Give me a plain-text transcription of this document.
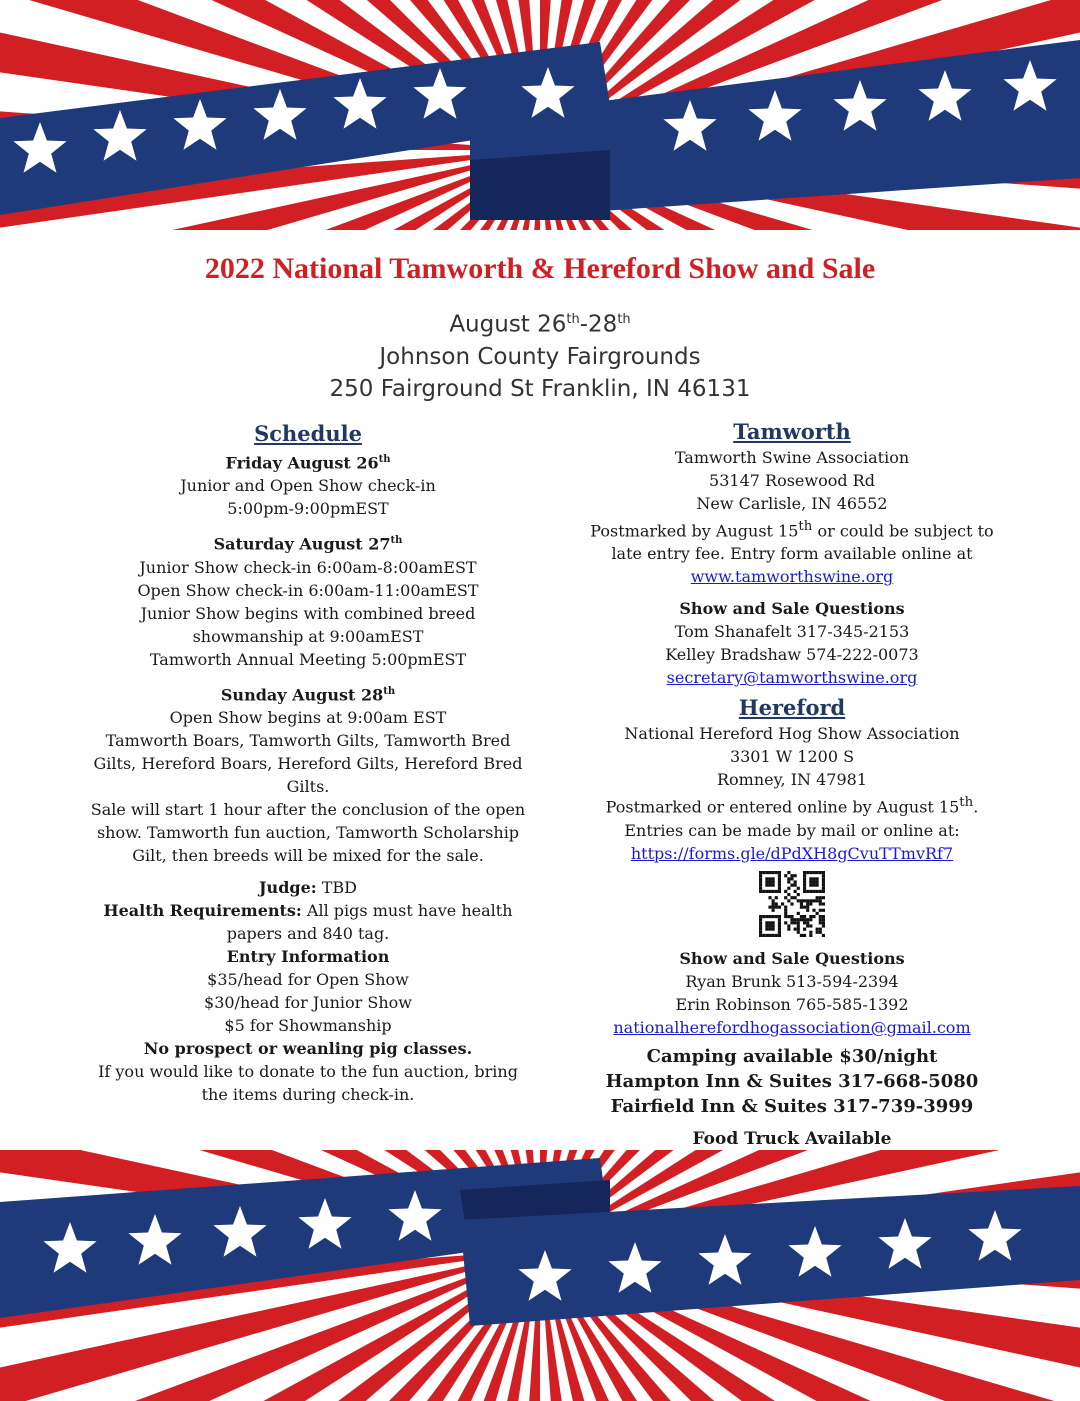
2022 National Tamworth & Hereford Show and Sale
August 26th-28th
Johnson County Fairgrounds
250 Fairground St Franklin, IN 46131
Schedule
Friday August 26th
Junior and Open Show check-in
5:00pm-9:00pmEST
Saturday August 27th
Junior Show check-in 6:00am-8:00amEST
Open Show check-in 6:00am-11:00amEST
Junior Show begins with combined breed
showmanship at 9:00amEST
Tamworth Annual Meeting 5:00pmEST
Sunday August 28th
Open Show begins at 9:00am EST
Tamworth Boars, Tamworth Gilts, Tamworth Bred
Gilts, Hereford Boars, Hereford Gilts, Hereford Bred
Gilts.
Sale will start 1 hour after the conclusion of the open
show. Tamworth fun auction, Tamworth Scholarship
Gilt, then breeds will be mixed for the sale.
Judge: TBD
Health Requirements: All pigs must have health
papers and 840 tag.
Entry Information
$35/head for Open Show
$30/head for Junior Show
$5 for Showmanship
No prospect or weanling pig classes.
If you would like to donate to the fun auction, bring
the items during check-in.
Tamworth
Tamworth Swine Association
53147 Rosewood Rd
New Carlisle, IN 46552
Postmarked by August 15th or could be subject to
late entry fee. Entry form available online at
www.tamworthswine.org
Show and Sale Questions
Tom Shanafelt 317-345-2153
Kelley Bradshaw 574-222-0073
secretary@tamworthswine.org
Hereford
National Hereford Hog Show Association
3301 W 1200 S
Romney, IN 47981
Postmarked or entered online by August 15th.
Entries can be made by mail or online at:
https://forms.gle/dPdXH8gCvuTTmvRf7
Show and Sale Questions
Ryan Brunk 513-594-2394
Erin Robinson 765-585-1392
nationalherefordhogassociation@gmail.com
Camping available $30/night
Hampton Inn & Suites 317-668-5080
Fairfield Inn & Suites 317-739-3999
Food Truck Available
